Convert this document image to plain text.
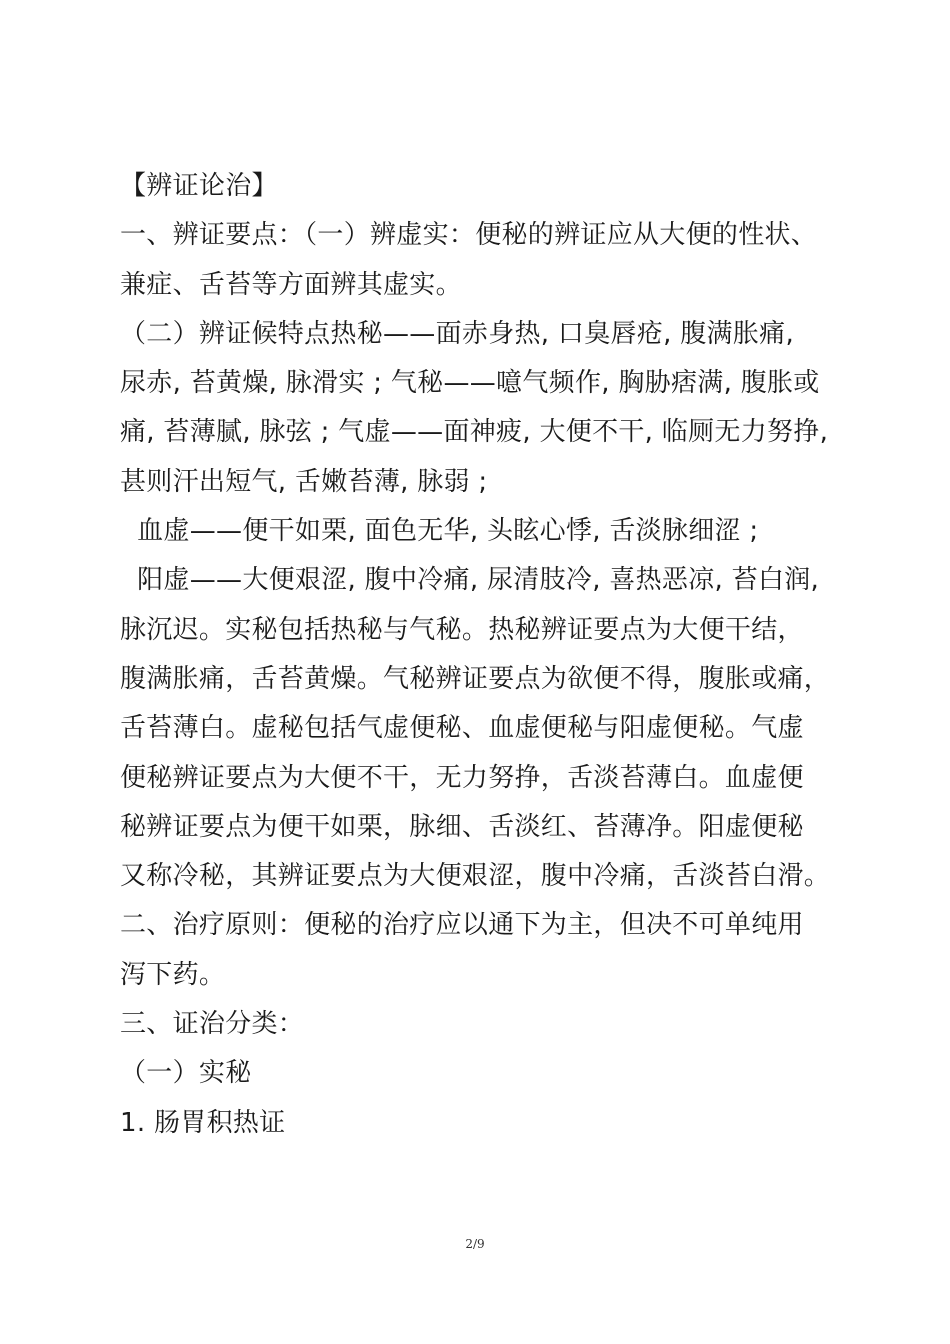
【辨证论治】
一、辨证要点：（一）辨虚实：便秘的辨证应从大便的性状、
兼症、舌苔等方面辨其虚实。
（二）辨证候特点热秘——面赤身热, 口臭唇疮, 腹满胀痛,
尿赤, 苔黄燥, 脉滑实 ; 气秘——噫气频作, 胸胁痞满, 腹胀或
痛, 苔薄腻, 脉弦 ; 气虚——面神疲, 大便不干, 临厕无力努挣,
甚则汗出短气, 舌嫩苔薄, 脉弱 ;
血虚——便干如栗, 面色无华, 头眩心悸, 舌淡脉细涩 ;
阳虚——大便艰涩, 腹中冷痛, 尿清肢冷, 喜热恶凉, 苔白润,
脉沉迟。实秘包括热秘与气秘。热秘辨证要点为大便干结，
腹满胀痛，舌苔黄燥。气秘辨证要点为欲便不得，腹胀或痛，
舌苔薄白。虚秘包括气虚便秘、血虚便秘与阳虚便秘。气虚
便秘辨证要点为大便不干，无力努挣，舌淡苔薄白。血虚便
秘辨证要点为便干如栗，脉细、舌淡红、苔薄净。阳虚便秘
又称冷秘，其辨证要点为大便艰涩，腹中冷痛，舌淡苔白滑。
二、治疗原则：便秘的治疗应以通下为主，但决不可单纯用
泻下药。
三、证治分类：
（一）实秘
1. 肠胃积热证
2/9
